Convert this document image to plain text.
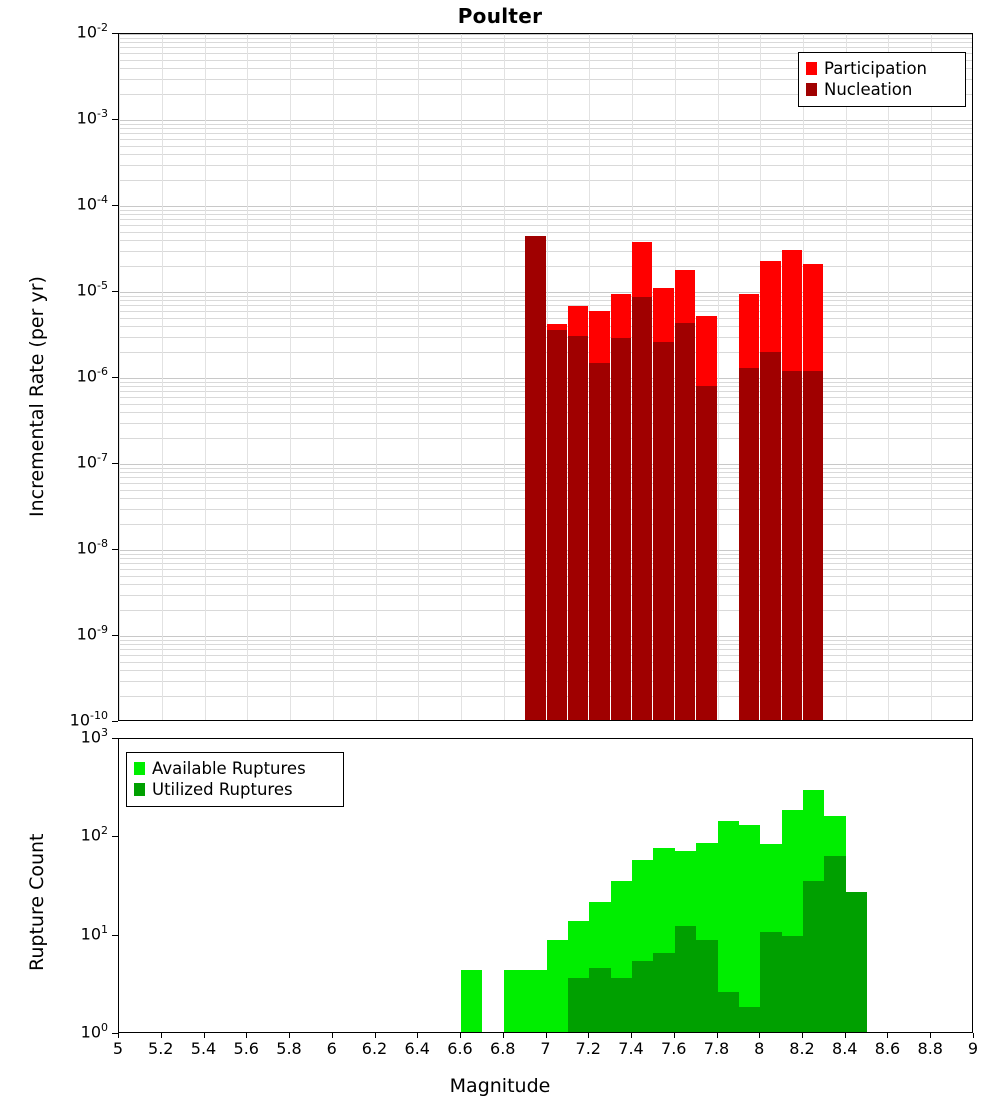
Poulter
Incremental Rate (per yr)
Rupture Count
Magnitude
Participation
Nucleation
Available Ruptures
Utilized Ruptures
$10^{-2}$
$10^{-3}$
$10^{-4}$
$10^{-5}$
$10^{-6}$
$10^{-7}$
$10^{-8}$
$10^{-9}$
$10^{-10}$
$10^3$
$10^2$
$10^1$
$10^0$
5	5.2	5.4	5.6	5.8	6	6.2	6.4	6.6	6.8	7	7.2	7.4	7.6	7.8	8	8.2	8.4	8.6	8.8	9
